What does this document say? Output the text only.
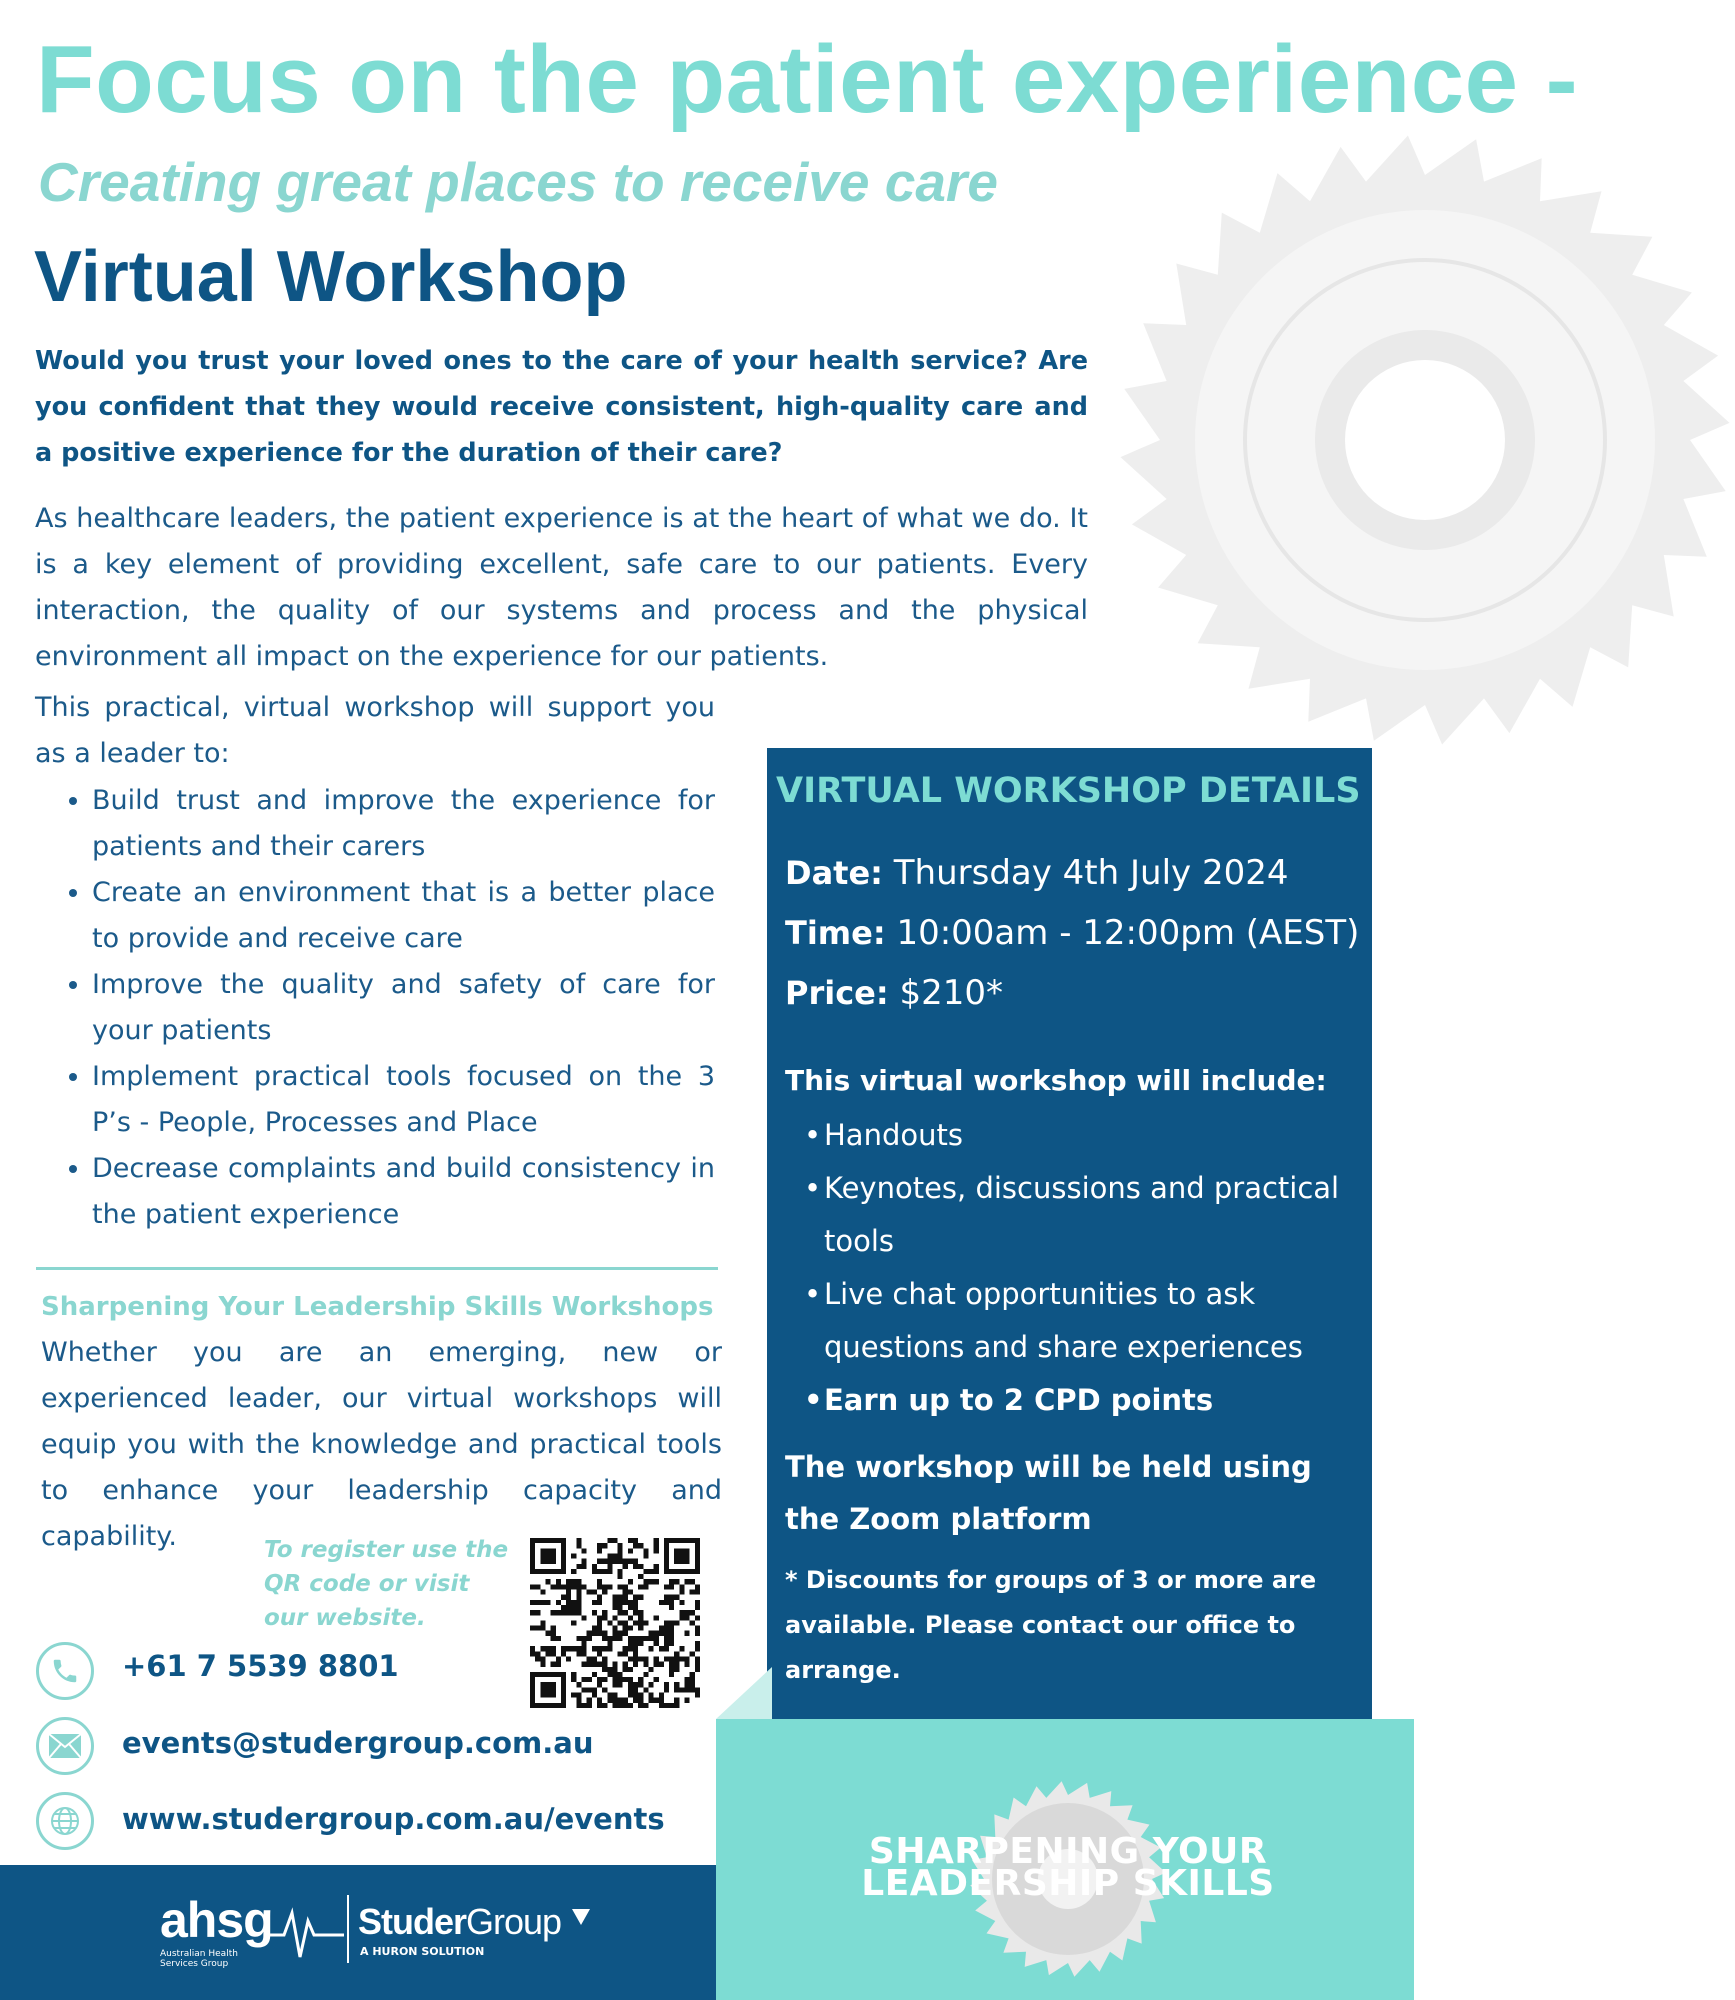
Focus on the patient experience -
Creating great places to receive care
Virtual Workshop

Would you trust your loved ones to the care of your health service? Are you confident that they would receive consistent, high-quality care and a positive experience for the duration of their care?

As healthcare leaders, the patient experience is at the heart of what we do. It is a key element of providing excellent, safe care to our patients. Every interaction, the quality of our systems and process and the physical environment all impact on the experience for our patients.

This practical, virtual workshop will support you as a leader to:

• Build trust and improve the experience for patients and their carers
• Create an environment that is a better place to provide and receive care
• Improve the quality and safety of care for your patients
• Implement practical tools focused on the 3 P’s - People, Processes and Place
• Decrease complaints and build consistency in the patient experience
Sharpening Your Leadership Skills Workshops

Whether you are an emerging, new or experienced leader, our virtual workshops will equip you with the knowledge and practical tools to enhance your leadership capacity and capability.	To register use the QR code or visit our website.

+61 7 5539 8801
events@studergroup.com.au
www.studergroup.com.au/events
VIRTUAL WORKSHOP DETAILS
Date: Thursday 4th July 2024
Time: 10:00am - 12:00pm (AEST)
Price: $210*

This virtual workshop will include:

• Handouts
• Keynotes, discussions and practical tools
• Live chat opportunities to ask questions and share experiences
• Earn up to 2 CPD points

The workshop will be held using the Zoom platform

* Discounts for groups of 3 or more are available. Please contact our office to arrange.

SHARPENING YOUR
LEADERSHIP SKILLS

ahsg
Australian Health
Services Group
StuderGroup
A HURON SOLUTION
